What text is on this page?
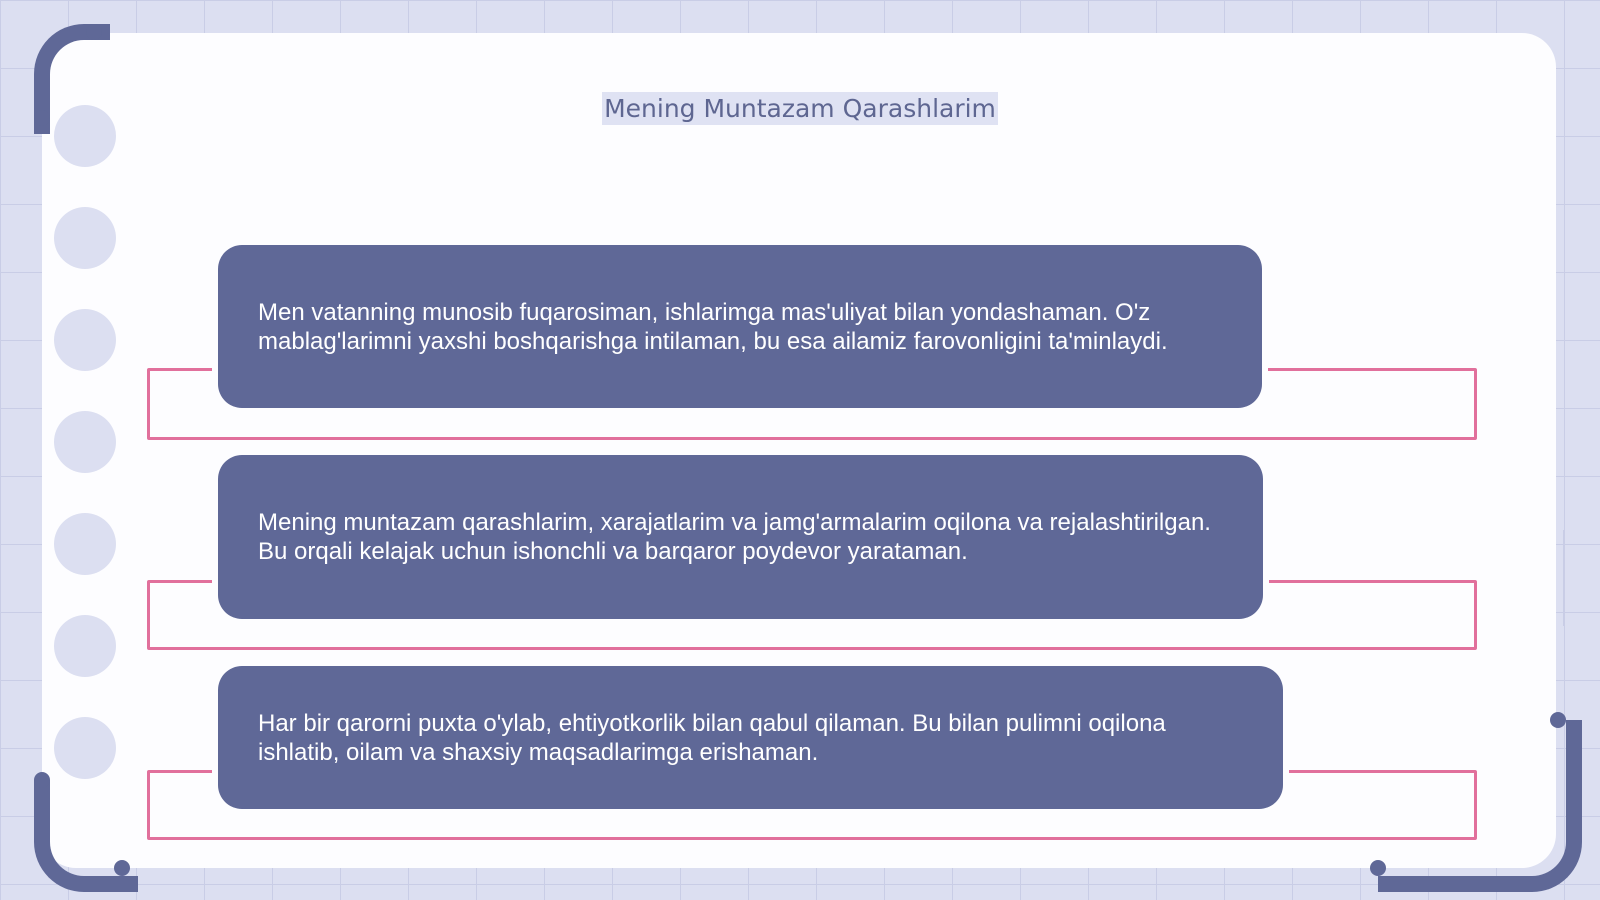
Mening Muntazam Qarashlarim

Men vatanning munosib fuqarosiman, ishlarimga mas'uliyat bilan yondashaman. O'z mablag'larimni yaxshi boshqarishga intilaman, bu esa ailamiz farovonligini ta'minlaydi.

Mening muntazam qarashlarim, xarajatlarim va jamg'armalarim oqilona va rejalashtirilgan. Bu orqali kelajak uchun ishonchli va barqaror poydevor yarataman.

Har bir qarorni puxta o'ylab, ehtiyotkorlik bilan qabul qilaman. Bu bilan pulimni oqilona ishlatib, oilam va shaxsiy maqsadlarimga erishaman.
